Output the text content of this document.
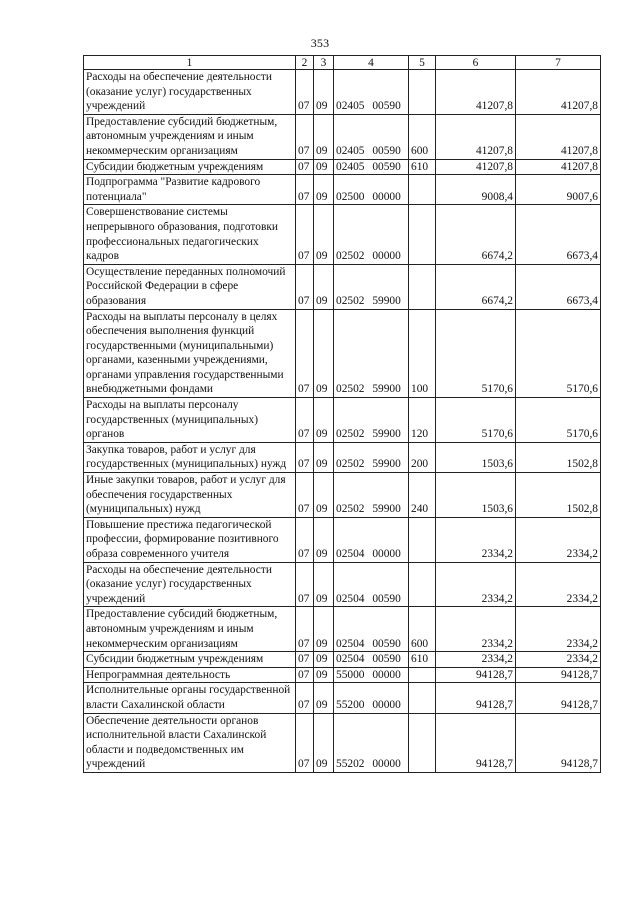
353
1	2	3	4	5	6	7
Расходы на обеспечение деятельности (оказание услуг) государственных учреждений	07	09	02405 00590		41207,8	41207,8
Предоставление субсидий бюджетным, автономным учреждениям и иным некоммерческим организациям	07	09	02405 00590	600	41207,8	41207,8
Субсидии бюджетным учреждениям	07	09	02405 00590	610	41207,8	41207,8
Подпрограмма "Развитие кадрового потенциала"	07	09	02500 00000		9008,4	9007,6
Совершенствование системы непрерывного образования, подготовки профессиональных педагогических кадров	07	09	02502 00000		6674,2	6673,4
Осуществление переданных полномочий Российской Федерации в сфере образования	07	09	02502 59900		6674,2	6673,4
Расходы на выплаты персоналу в целях обеспечения выполнения функций государственными (муниципальными) органами, казенными учреждениями, органами управления государственными внебюджетными фондами	07	09	02502 59900	100	5170,6	5170,6
Расходы на выплаты персоналу государственных (муниципальных) органов	07	09	02502 59900	120	5170,6	5170,6
Закупка товаров, работ и услуг для государственных (муниципальных) нужд	07	09	02502 59900	200	1503,6	1502,8
Иные закупки товаров, работ и услуг для обеспечения государственных (муниципальных) нужд	07	09	02502 59900	240	1503,6	1502,8
Повышение престижа педагогической профессии, формирование позитивного образа современного учителя	07	09	02504 00000		2334,2	2334,2
Расходы на обеспечение деятельности (оказание услуг) государственных учреждений	07	09	02504 00590		2334,2	2334,2
Предоставление субсидий бюджетным, автономным учреждениям и иным некоммерческим организациям	07	09	02504 00590	600	2334,2	2334,2
Субсидии бюджетным учреждениям	07	09	02504 00590	610	2334,2	2334,2
Непрограммная деятельность	07	09	55000 00000		94128,7	94128,7
Исполнительные органы государственной власти Сахалинской области	07	09	55200 00000		94128,7	94128,7
Обеспечение деятельности органов исполнительной власти Сахалинской области и подведомственных им учреждений	07	09	55202 00000		94128,7	94128,7
